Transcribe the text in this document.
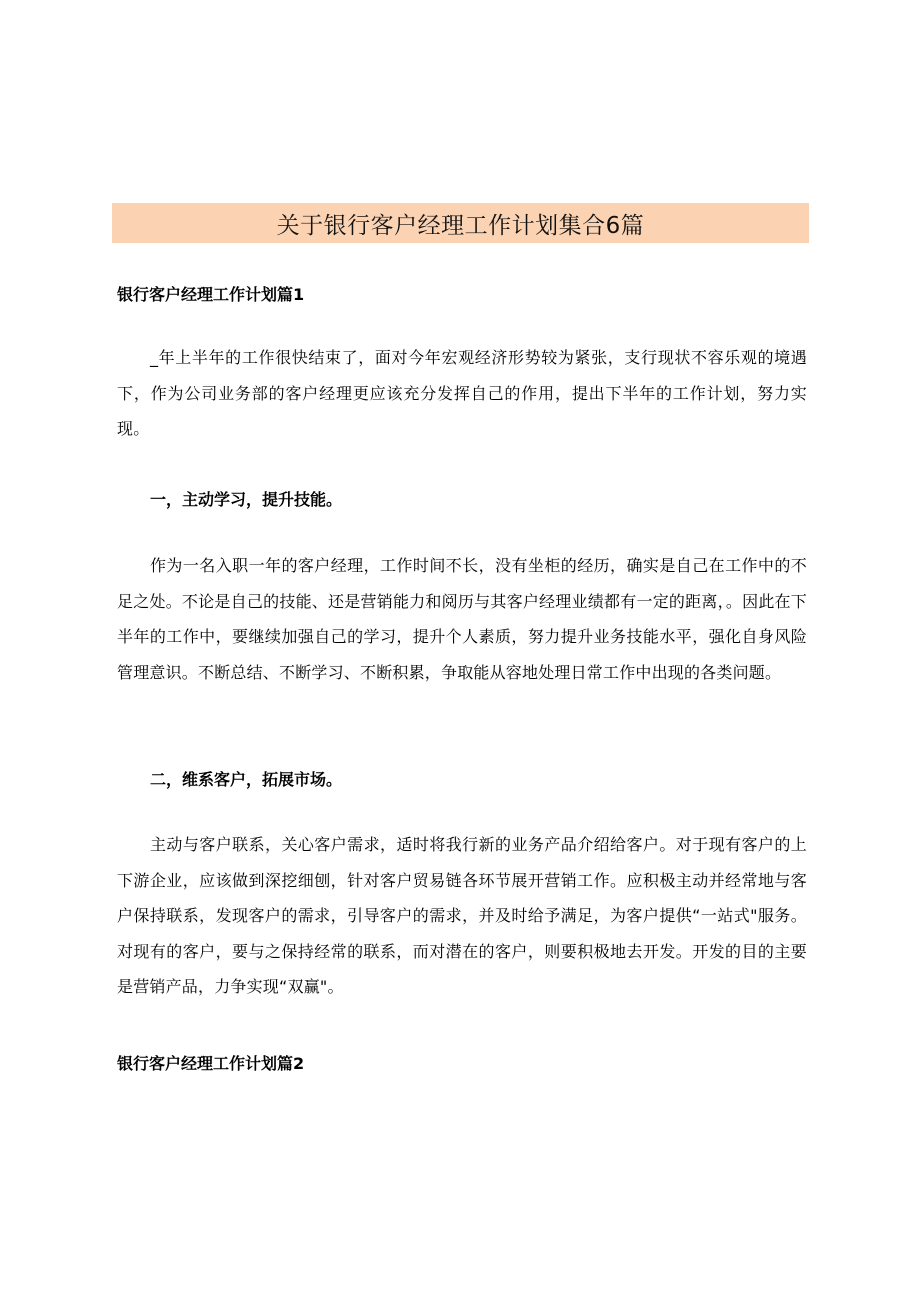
关于银行客户经理工作计划集合6篇
银行客户经理工作计划篇1
_年上半年的工作很快结束了，面对今年宏观经济形势较为紧张，支行现状不容乐观的境遇下，作为公司业务部的客户经理更应该充分发挥自己的作用，提出下半年的工作计划，努力实现。
一，主动学习，提升技能。
作为一名入职一年的客户经理，工作时间不长，没有坐柜的经历，确实是自己在工作中的不足之处。不论是自己的技能、还是营销能力和阅历与其客户经理业绩都有一定的距离，。因此在下半年的工作中，要继续加强自己的学习，提升个人素质，努力提升业务技能水平，强化自身风险管理意识。不断总结、不断学习、不断积累，争取能从容地处理日常工作中出现的各类问题。
二，维系客户，拓展市场。
主动与客户联系，关心客户需求，适时将我行新的业务产品介绍给客户。对于现有客户的上下游企业，应该做到深挖细刨，针对客户贸易链各环节展开营销工作。应积极主动并经常地与客户保持联系，发现客户的需求，引导客户的需求，并及时给予满足，为客户提供“一站式"服务。对现有的客户，要与之保持经常的联系，而对潜在的客户，则要积极地去开发。开发的目的主要是营销产品，力争实现“双赢"。
银行客户经理工作计划篇2
